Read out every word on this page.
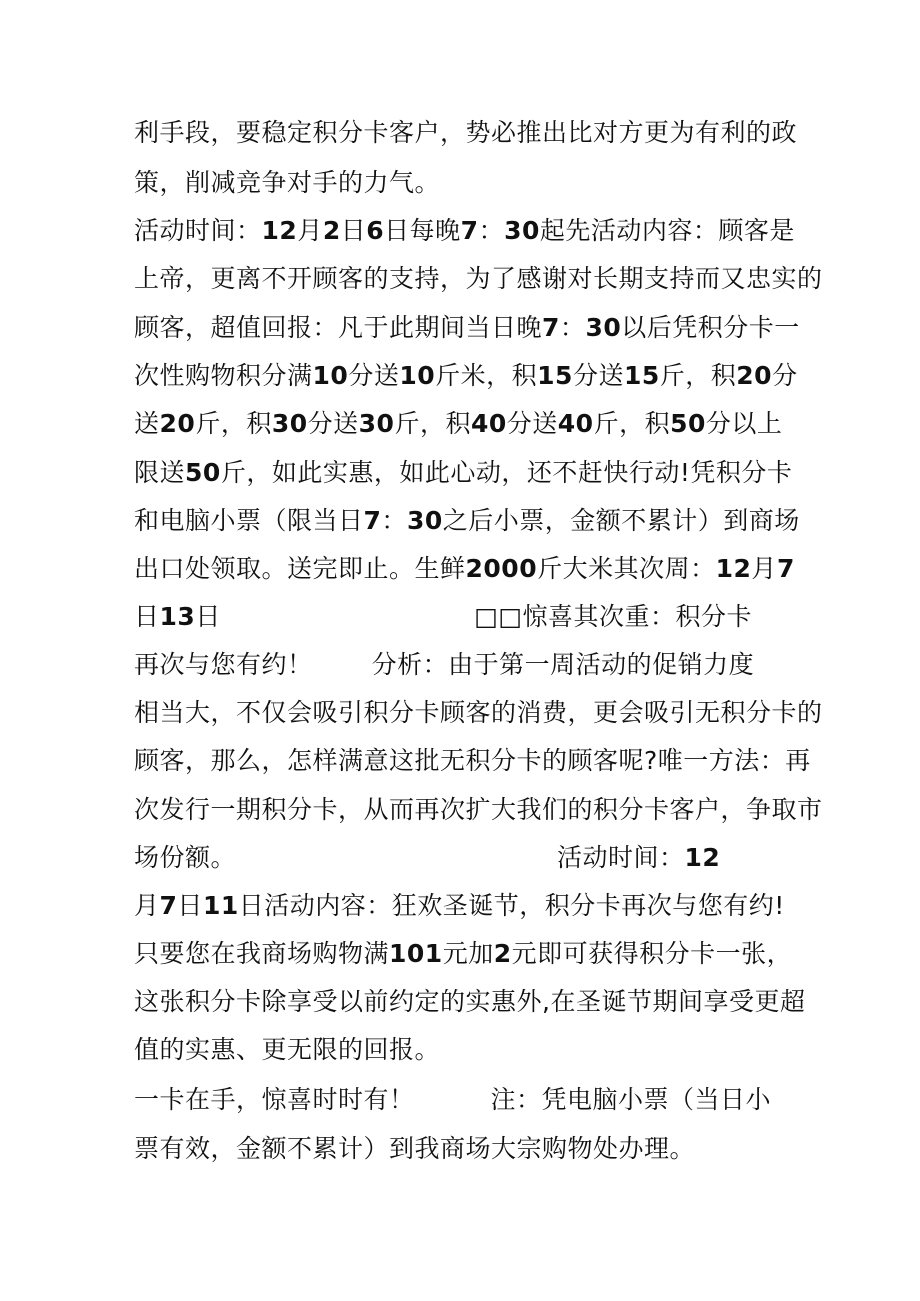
利手段，要稳定积分卡客户，势必推出比对方更为有利的政
策，削减竞争对手的力气。
活动时间：12月2日6日每晚7：30起先活动内容：顾客是
上帝，更离不开顾客的支持，为了感谢对长期支持而又忠实的
顾客，超值回报：凡于此期间当日晚7：30以后凭积分卡一
次性购物积分满10分送10斤米，积15分送15斤，积20分
送20斤，积30分送30斤，积40分送40斤，积50分以上
限送50斤，如此实惠，如此心动，还不赶快行动!凭积分卡
和电脑小票（限当日7：30之后小票，金额不累计）到商场
出口处领取。送完即止。生鲜2000斤大米其次周：12月7
日13日                              □□惊喜其次重：积分卡
再次与您有约！       分析：由于第一周活动的促销力度
相当大，不仅会吸引积分卡顾客的消费，更会吸引无积分卡的
顾客，那么，怎样满意这批无积分卡的顾客呢?唯一方法：再
次发行一期积分卡，从而再次扩大我们的积分卡客户，争取市
场份额。                                      活动时间：12
月7日11日活动内容：狂欢圣诞节，积分卡再次与您有约!
只要您在我商场购物满101元加2元即可获得积分卡一张，
这张积分卡除享受以前约定的实惠外,在圣诞节期间享受更超
值的实惠、更无限的回报。
一卡在手，惊喜时时有！         注：凭电脑小票（当日小
票有效，金额不累计）到我商场大宗购物处办理。
